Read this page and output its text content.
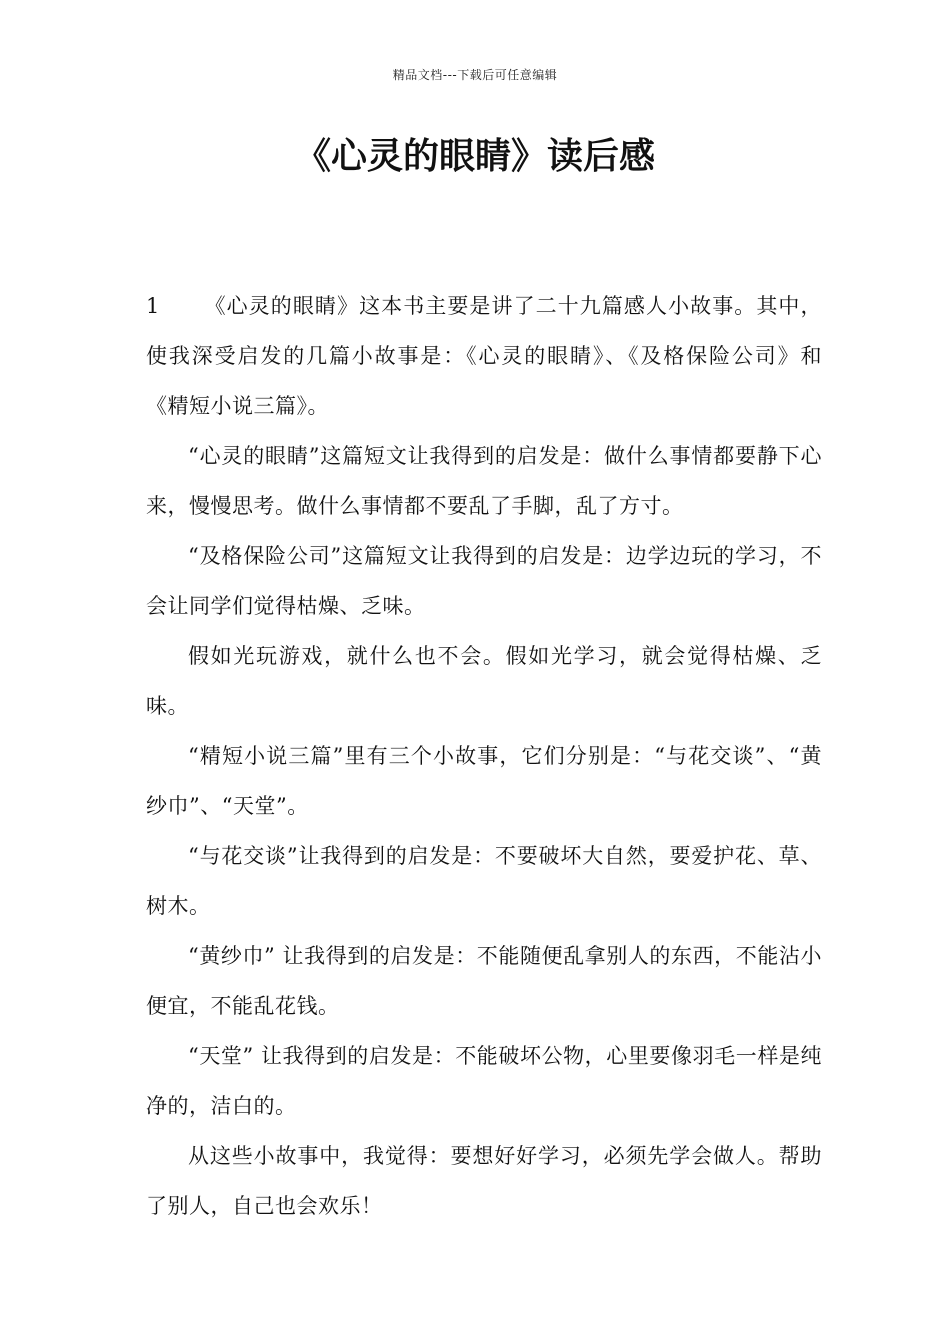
精品文档---下载后可任意编辑
《心灵的眼睛》读后感

1 《心灵的眼睛》这本书主要是讲了二十九篇感人小故事。其中，使我深受启发的几篇小故事是：《心灵的眼睛》、《及格保险公司》和《精短小说三篇》。

“心灵的眼睛”这篇短文让我得到的启发是：做什么事情都要静下心来，慢慢思考。做什么事情都不要乱了手脚，乱了方寸。

“及格保险公司”这篇短文让我得到的启发是：边学边玩的学习，不会让同学们觉得枯燥、乏味。

假如光玩游戏，就什么也不会。假如光学习，就会觉得枯燥、乏味。

“精短小说三篇”里有三个小故事，它们分别是：“与花交谈”、“黄纱巾”、“天堂”。

“与花交谈”让我得到的启发是：不要破坏大自然，要爱护花、草、树木。

“黄纱巾” 让我得到的启发是：不能随便乱拿别人的东西，不能沾小便宜，不能乱花钱。

“天堂” 让我得到的启发是：不能破坏公物，心里要像羽毛一样是纯净的，洁白的。

从这些小故事中，我觉得：要想好好学习，必须先学会做人。帮助了别人，自己也会欢乐！
